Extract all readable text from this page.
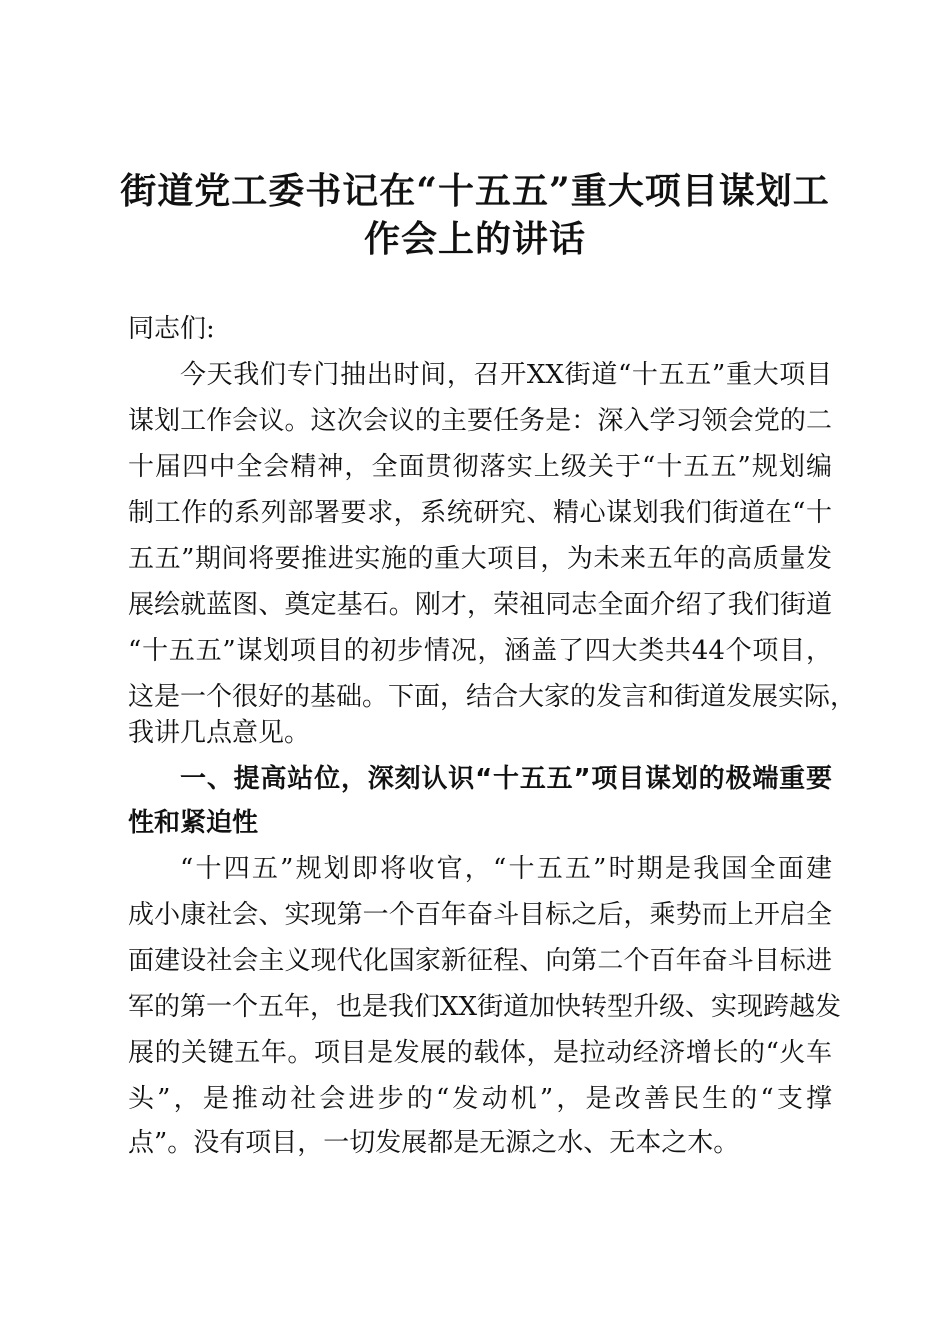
街道党工委书记在“十五五”重大项目谋划工
作会上的讲话

同志们:

今天我们专门抽出时间，召开XX街道“十五五”重大项目

谋划工作会议。这次会议的主要任务是：深入学习领会党的二

十届四中全会精神，全面贯彻落实上级关于“十五五”规划编

制工作的系列部署要求，系统研究、精心谋划我们街道在“十

五五”期间将要推进实施的重大项目，为未来五年的高质量发

展绘就蓝图、奠定基石。刚才，荣祖同志全面介绍了我们街道

“十五五”谋划项目的初步情况，涵盖了四大类共44个项目，

这是一个很好的基础。下面，结合大家的发言和街道发展实际，

我讲几点意见。

一、提高站位，深刻认识“十五五”项目谋划的极端重要

性和紧迫性

“十四五”规划即将收官，“十五五”时期是我国全面建

成小康社会、实现第一个百年奋斗目标之后，乘势而上开启全

面建设社会主义现代化国家新征程、向第二个百年奋斗目标进

军的第一个五年，也是我们XX街道加快转型升级、实现跨越发

展的关键五年。项目是发展的载体，是拉动经济增长的“火车

头”，是推动社会进步的“发动机”，是改善民生的“支撑

点”。没有项目，一切发展都是无源之水、无本之木。
